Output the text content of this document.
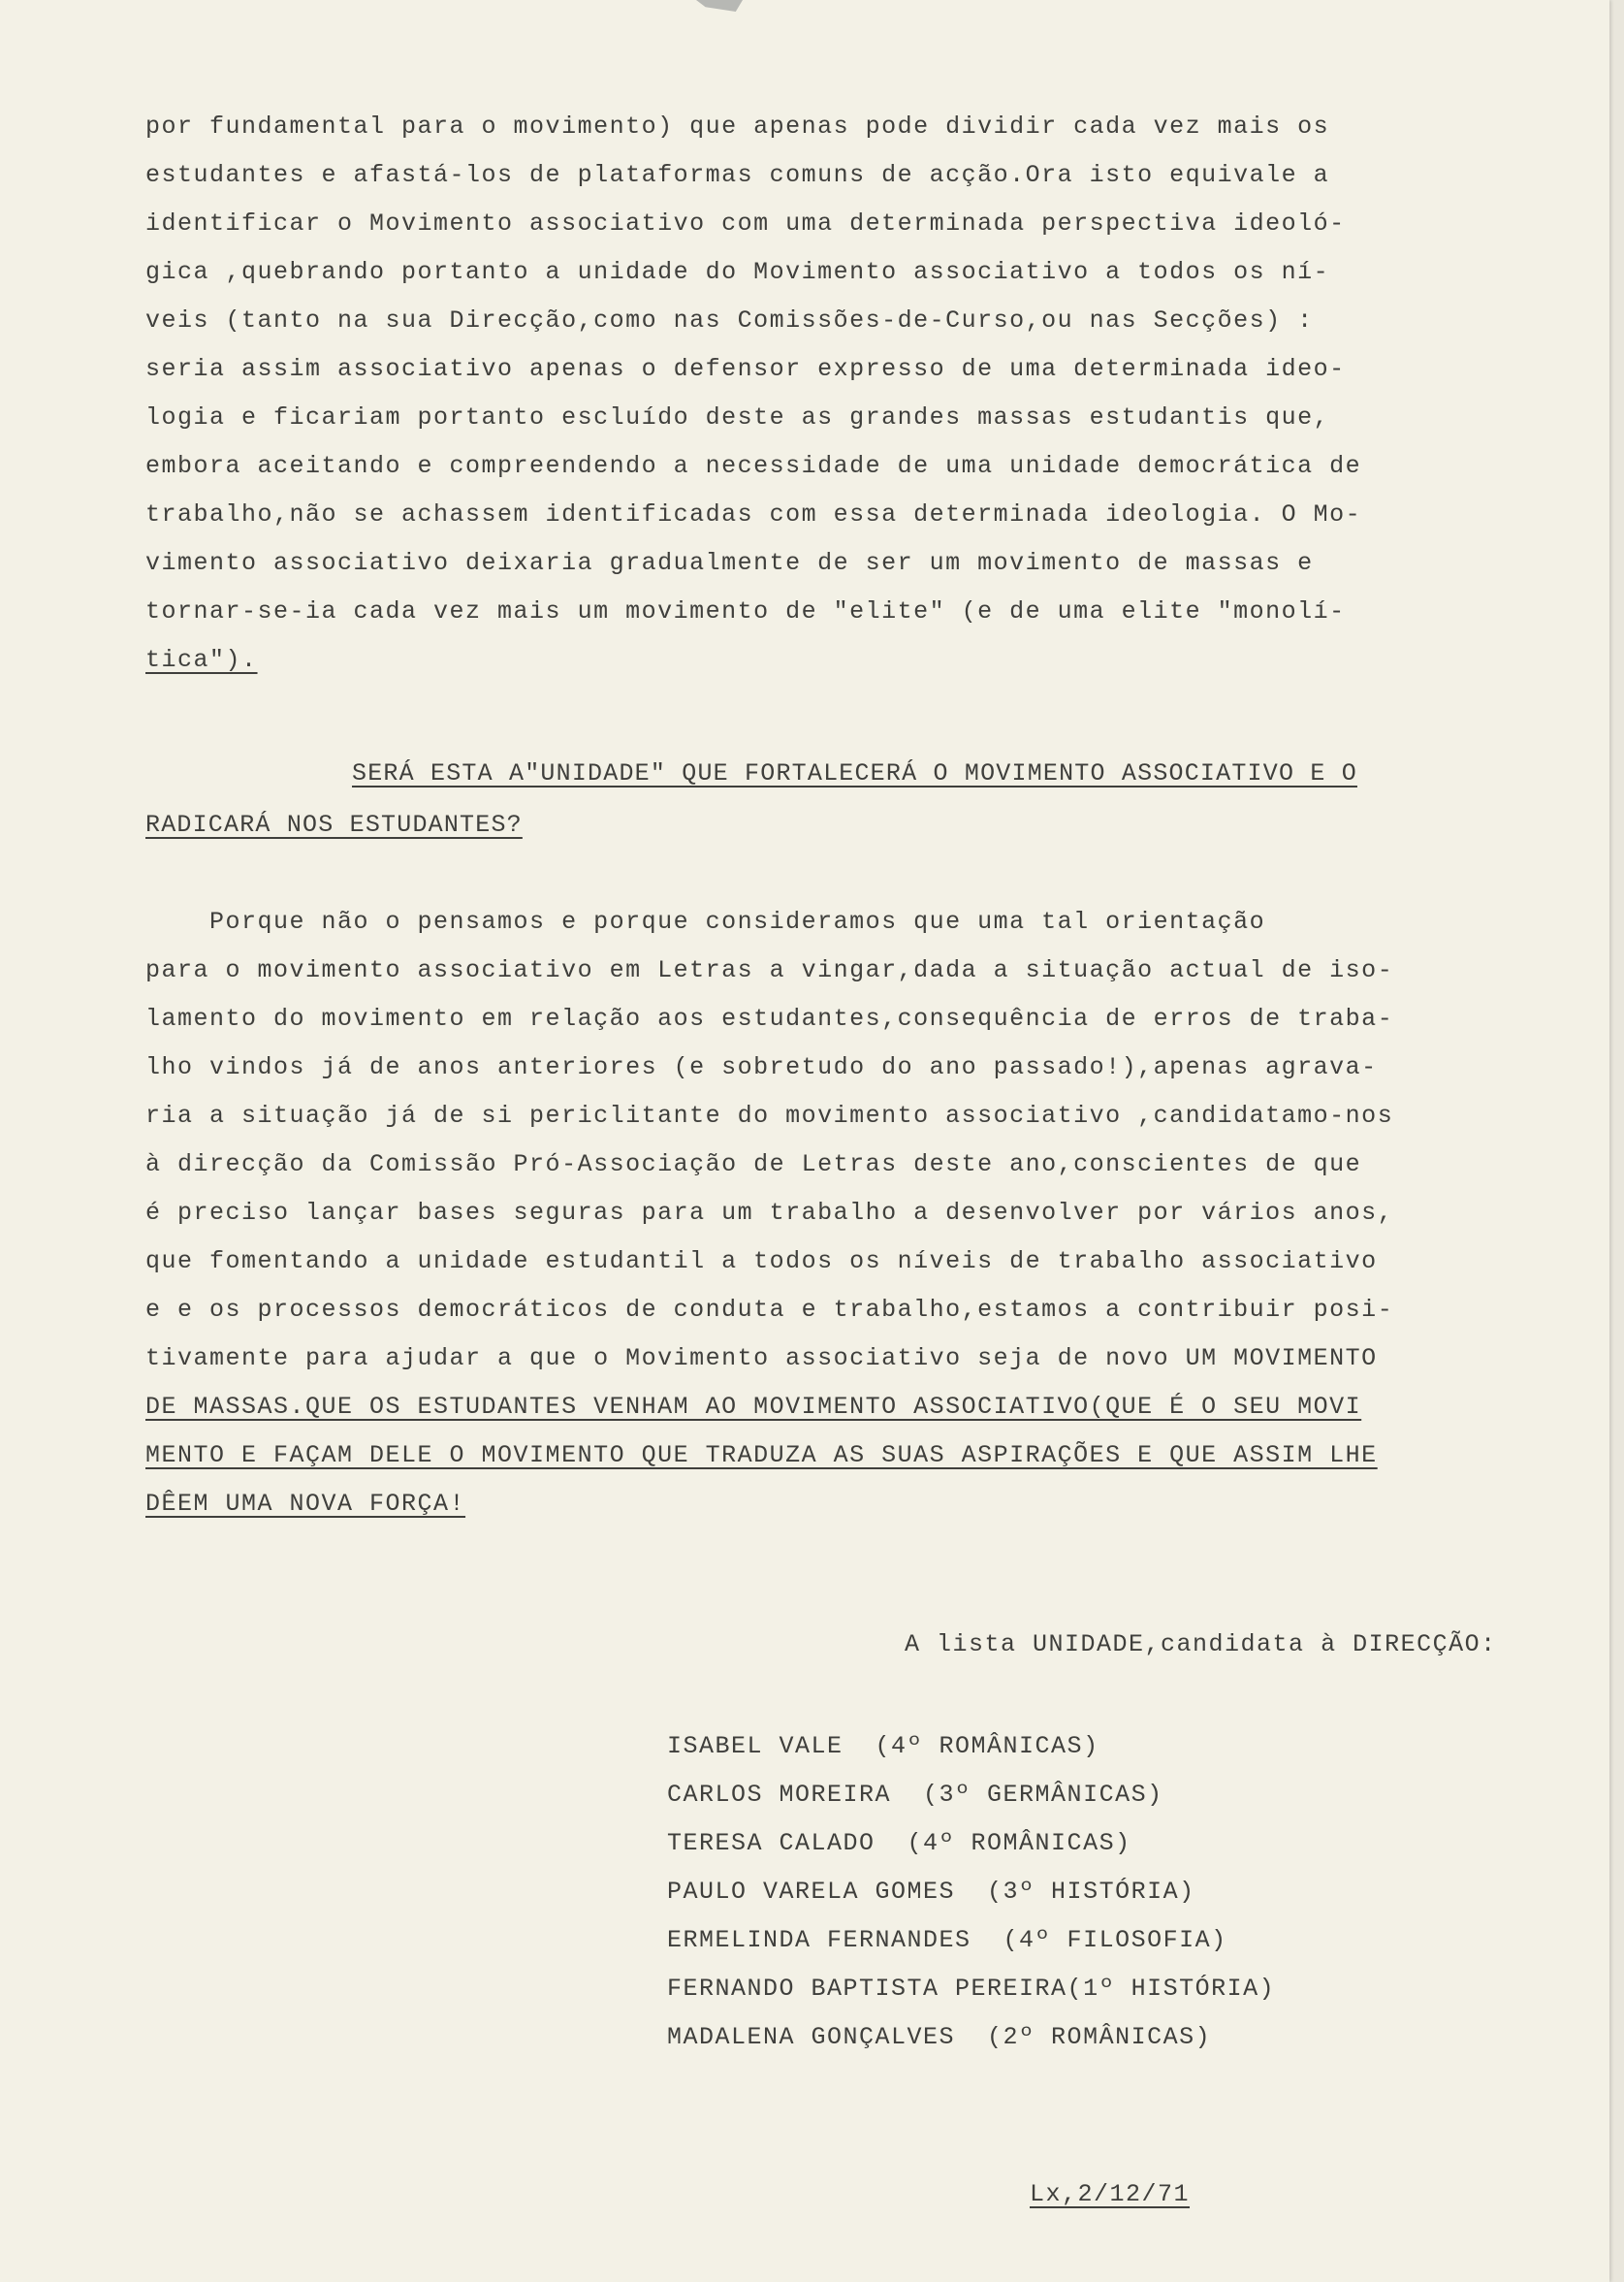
por fundamental para o movimento) que apenas pode dividir cada vez mais os
estudantes e afastá-los de plataformas comuns de acção.Ora isto equivale a
identificar o Movimento associativo com uma determinada perspectiva ideoló-
gica ,quebrando portanto a unidade do Movimento associativo a todos os ní-
veis (tanto na sua Direcção,como nas Comissões-de-Curso,ou nas Secções) :
seria assim associativo apenas o defensor expresso de uma determinada ideo-
logia e ficariam portanto escluído deste as grandes massas estudantis que,
embora aceitando e compreendendo a necessidade de uma unidade democrática de
trabalho,não se achassem identificadas com essa determinada ideologia. O Mo-
vimento associativo deixaria gradualmente de ser um movimento de massas e
tornar-se-ia cada vez mais um movimento de "elite" (e de uma elite "monolí-
tica").
SERÁ ESTA A"UNIDADE" QUE FORTALECERÁ O MOVIMENTO ASSOCIATIVO E O
RADICARÁ NOS ESTUDANTES?
Porque não o pensamos e porque consideramos que uma tal orientação
para o movimento associativo em Letras a vingar,dada a situação actual de iso-
lamento do movimento em relação aos estudantes,consequência de erros de traba-
lho vindos já de anos anteriores (e sobretudo do ano passado!),apenas agrava-
ria a situação já de si periclitante do movimento associativo ,candidatamo-nos
à direcção da Comissão Pró-Associação de Letras deste ano,conscientes de que
é preciso lançar bases seguras para um trabalho a desenvolver por vários anos,
que fomentando a unidade estudantil a todos os níveis de trabalho associativo
e e os processos democráticos de conduta e trabalho,estamos a contribuir posi-
tivamente para ajudar a que o Movimento associativo seja de novo UM MOVIMENTO
DE MASSAS.QUE OS ESTUDANTES VENHAM AO MOVIMENTO ASSOCIATIVO(QUE É O SEU MOVI
MENTO E FAÇAM DELE O MOVIMENTO QUE TRADUZA AS SUAS ASPIRAÇÕES E QUE ASSIM LHE
DÊEM UMA NOVA FORÇA!
A lista UNIDADE,candidata à DIRECÇÃO:
ISABEL VALE  (4º ROMÂNICAS)
CARLOS MOREIRA  (3º GERMÂNICAS)
TERESA CALADO  (4º ROMÂNICAS)
PAULO VARELA GOMES  (3º HISTÓRIA)
ERMELINDA FERNANDES  (4º FILOSOFIA)
FERNANDO BAPTISTA PEREIRA(1º HISTÓRIA)
MADALENA GONÇALVES  (2º ROMÂNICAS)
Lx,2/12/71
